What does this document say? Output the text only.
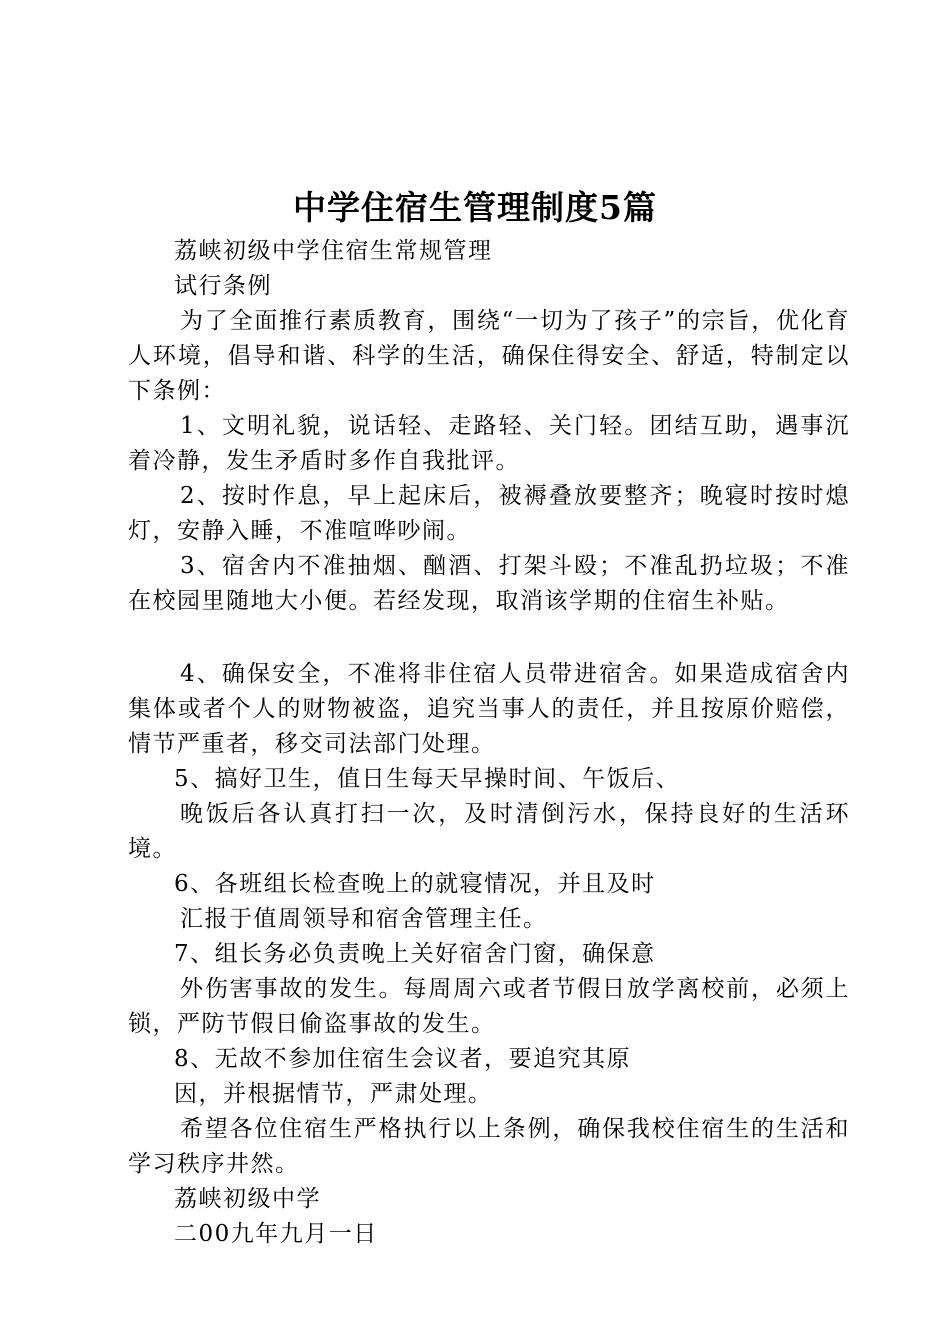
中学住宿生管理制度5篇

荔峡初级中学住宿生常规管理

试行条例

为了全面推行素质教育，围绕“一切为了孩子”的宗旨，优化育人环境，倡导和谐、科学的生活，确保住得安全、舒适，特制定以下条例：

1、文明礼貌，说话轻、走路轻、关门轻。团结互助，遇事沉着冷静，发生矛盾时多作自我批评。

2、按时作息，早上起床后，被褥叠放要整齐；晚寝时按时熄灯，安静入睡，不准喧哗吵闹。

3、宿舍内不准抽烟、酗酒、打架斗殴；不准乱扔垃圾；不准在校园里随地大小便。若经发现，取消该学期的住宿生补贴。

4、确保安全，不准将非住宿人员带进宿舍。如果造成宿舍内集体或者个人的财物被盗，追究当事人的责任，并且按原价赔偿，情节严重者，移交司法部门处理。

5、搞好卫生，值日生每天早操时间、午饭后、

晚饭后各认真打扫一次，及时清倒污水，保持良好的生活环境。

6、各班组长检查晚上的就寝情况，并且及时

汇报于值周领导和宿舍管理主任。

7、组长务必负责晚上关好宿舍门窗，确保意

外伤害事故的发生。每周周六或者节假日放学离校前，必须上锁，严防节假日偷盗事故的发生。

8、无故不参加住宿生会议者，要追究其原

因，并根据情节，严肃处理。

希望各位住宿生严格执行以上条例，确保我校住宿生的生活和学习秩序井然。

荔峡初级中学

二00九年九月一日
